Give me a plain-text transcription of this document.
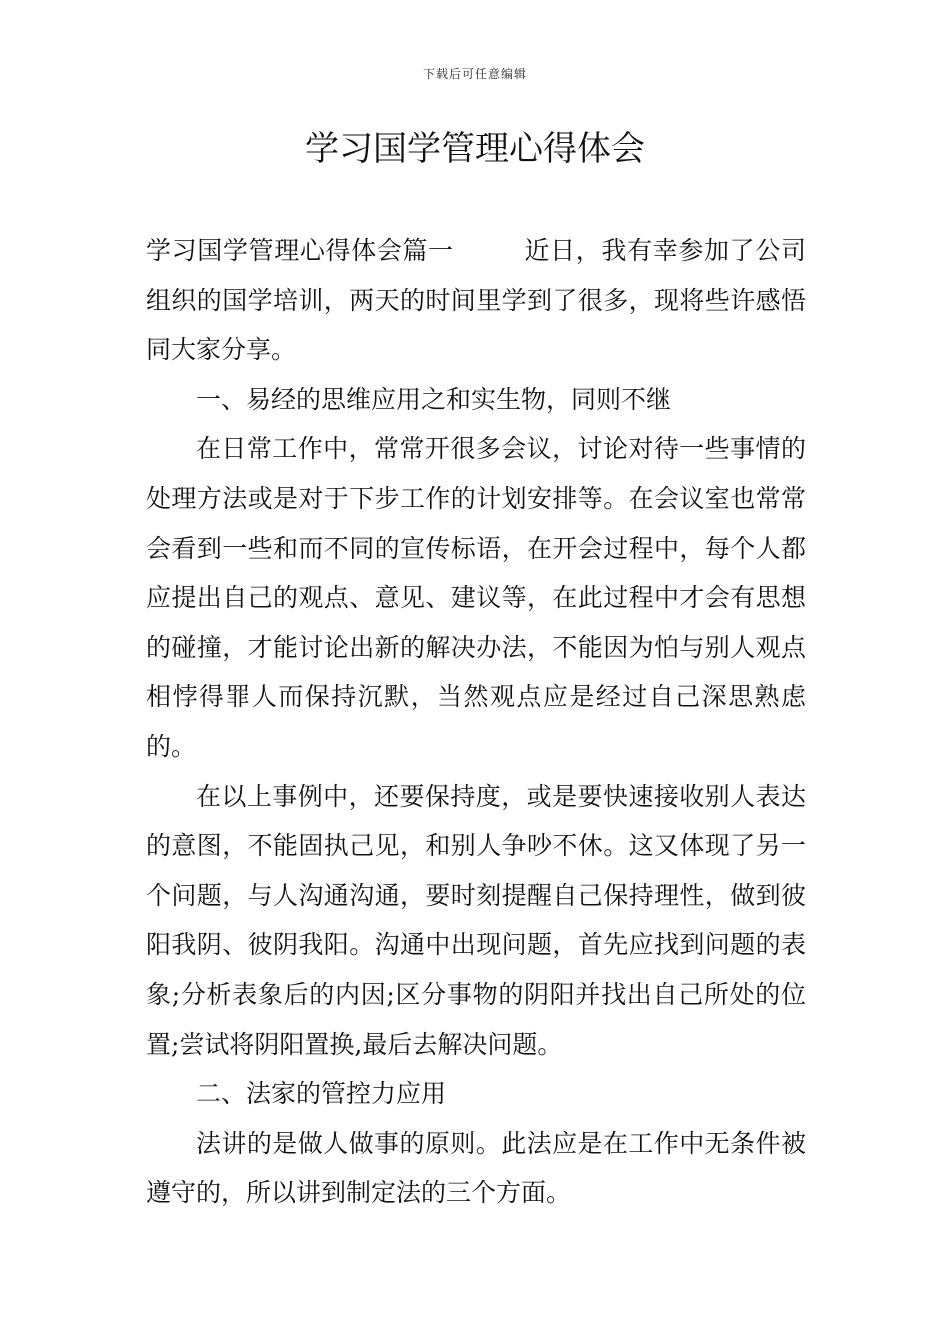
下载后可任意编辑
学习国学管理心得体会

学习国学管理心得体会篇一	近日，我有幸参加了公司组织的国学培训，两天的时间里学到了很多，现将些许感悟同大家分享。

一、易经的思维应用之和实生物，同则不继

在日常工作中，常常开很多会议，讨论对待一些事情的处理方法或是对于下步工作的计划安排等。在会议室也常常会看到一些和而不同的宣传标语，在开会过程中，每个人都应提出自己的观点、意见、建议等，在此过程中才会有思想的碰撞，才能讨论出新的解决办法，不能因为怕与别人观点相悖得罪人而保持沉默，当然观点应是经过自己深思熟虑的。

在以上事例中，还要保持度，或是要快速接收别人表达的意图，不能固执己见，和别人争吵不休。这又体现了另一个问题，与人沟通沟通，要时刻提醒自己保持理性，做到彼阳我阴、彼阴我阳。沟通中出现问题，首先应找到问题的表象;分析表象后的内因;区分事物的阴阳并找出自己所处的位置;尝试将阴阳置换,最后去解决问题。

二、法家的管控力应用

法讲的是做人做事的原则。此法应是在工作中无条件被遵守的，所以讲到制定法的三个方面。
